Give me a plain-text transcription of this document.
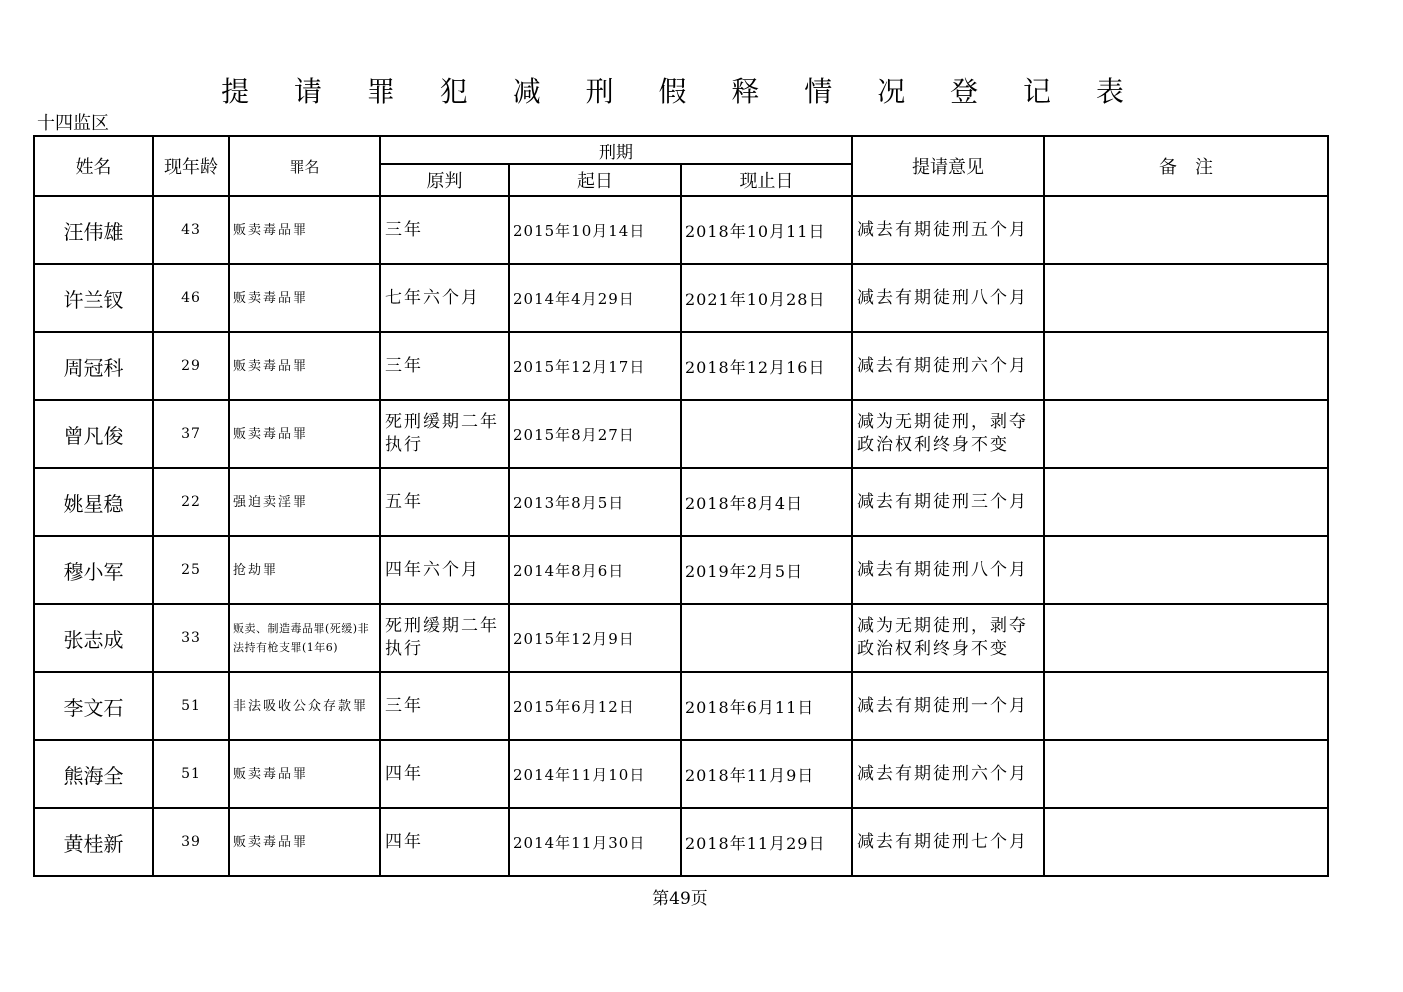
提 请 罪 犯 减 刑 假 释 情 况 登 记 表
十四监区
姓名	现年龄	罪名	刑期			提请意见	备　注
			原判	起日	现止日		
汪伟雄	43	贩卖毒品罪	三年	2015年10月14日	2018年10月11日	减去有期徒刑五个月	
许兰钗	46	贩卖毒品罪	七年六个月	2014年4月29日	2021年10月28日	减去有期徒刑八个月	
周冠科	29	贩卖毒品罪	三年	2015年12月17日	2018年12月16日	减去有期徒刑六个月	
曾凡俊	37	贩卖毒品罪	死刑缓期二年执行	2015年8月27日		减为无期徒刑，剥夺政治权利终身不变	
姚星稳	22	强迫卖淫罪	五年	2013年8月5日	2018年8月4日	减去有期徒刑三个月	
穆小军	25	抢劫罪	四年六个月	2014年8月6日	2019年2月5日	减去有期徒刑八个月	
张志成	33	贩卖、制造毒品罪(死缓)非法持有枪支罪(1年6)	死刑缓期二年执行	2015年12月9日		减为无期徒刑，剥夺政治权利终身不变	
李文石	51	非法吸收公众存款罪	三年	2015年6月12日	2018年6月11日	减去有期徒刑一个月	
熊海全	51	贩卖毒品罪	四年	2014年11月10日	2018年11月9日	减去有期徒刑六个月	
黄桂新	39	贩卖毒品罪	四年	2014年11月30日	2018年11月29日	减去有期徒刑七个月	
第49页
